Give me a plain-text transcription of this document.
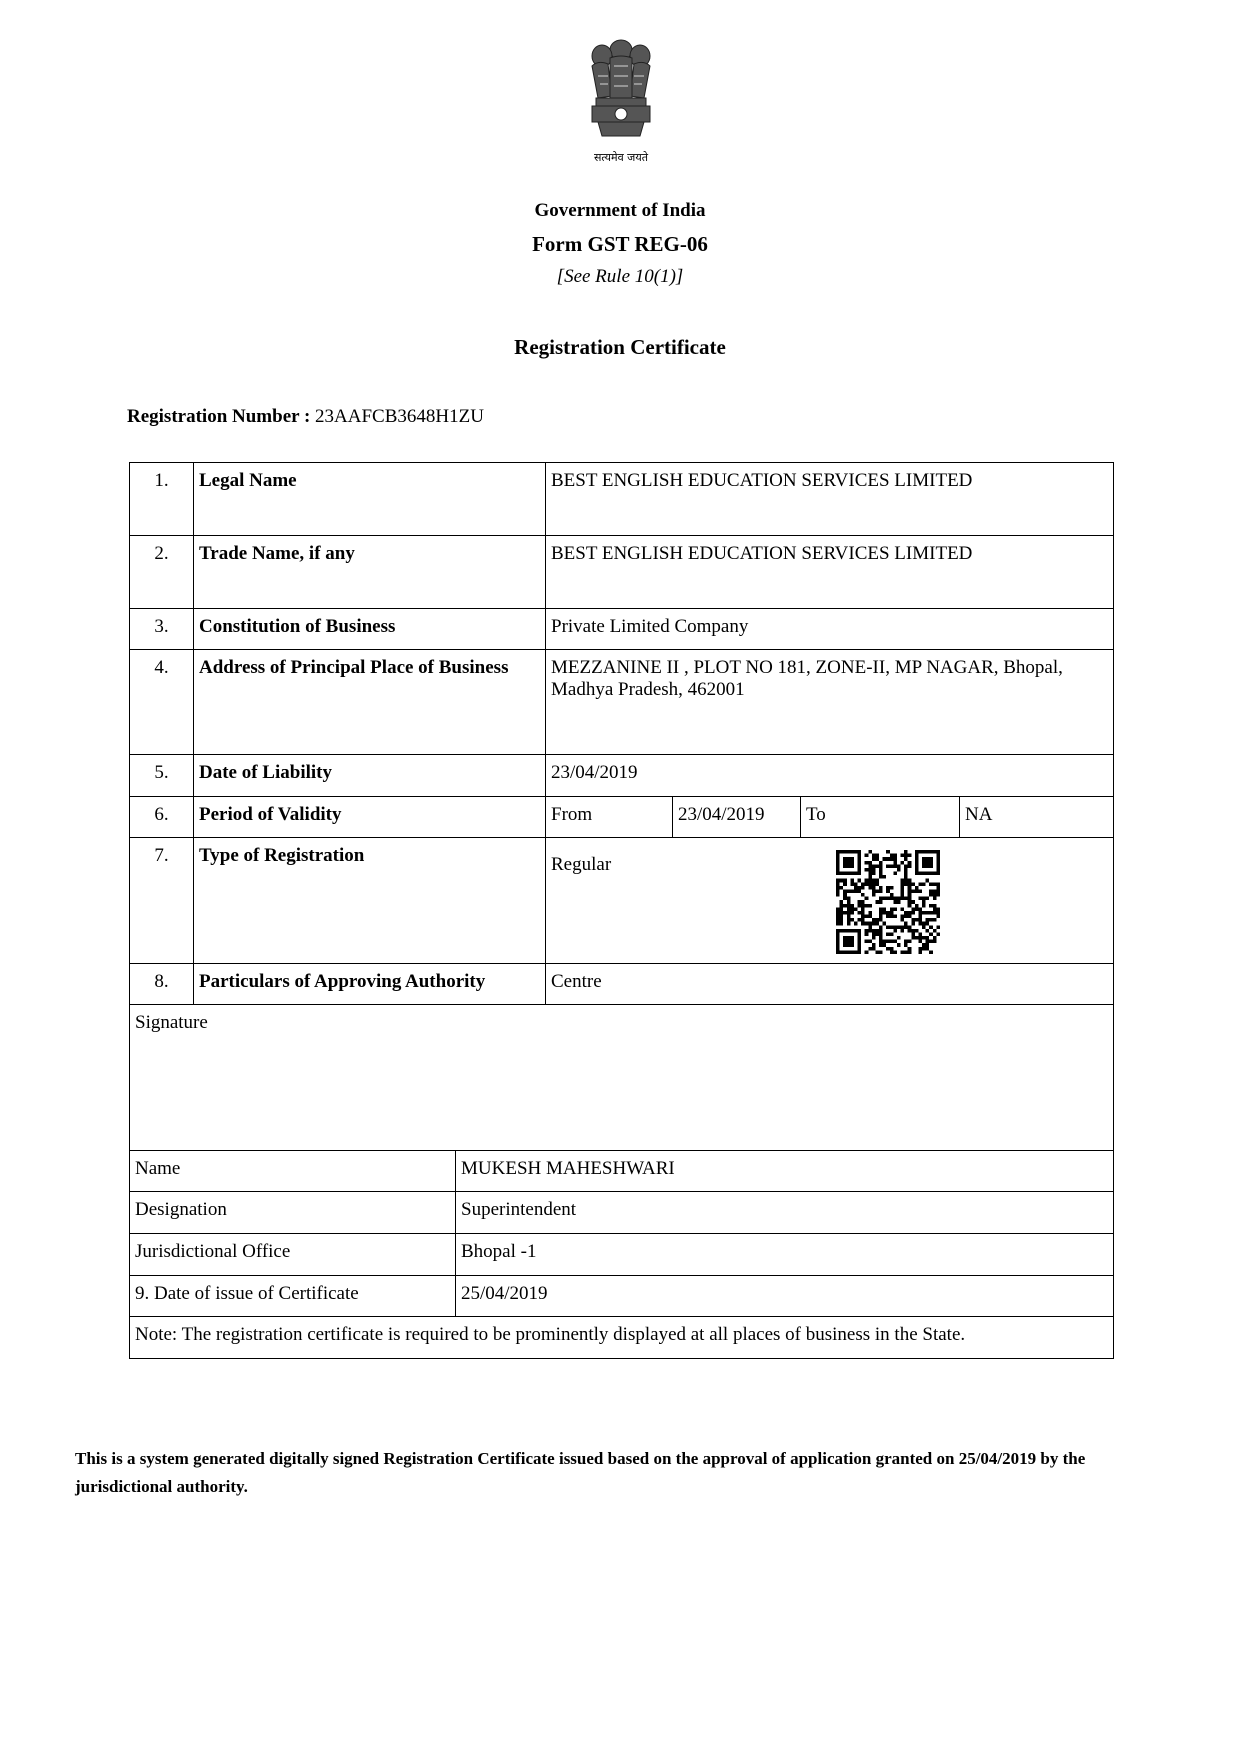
सत्यमेव जयते
Government of India
Form GST REG-06
[See Rule 10(1)]
Registration Certificate
Registration Number : 23AAFCB3648H1ZU
1.	Legal Name	BEST ENGLISH EDUCATION SERVICES LIMITED			
2.	Trade Name, if any	BEST ENGLISH EDUCATION SERVICES LIMITED			
3.	Constitution of Business	Private Limited Company			
4.	Address of Principal Place of Business	MEZZANINE II , PLOT NO 181, ZONE-II, MP NAGAR, Bhopal, Madhya Pradesh, 462001			
5.	Date of Liability	23/04/2019			
6.	Period of Validity	From	23/04/2019	To	NA
7.	Type of Registration	Regular			
8.	Particulars of Approving Authority	Centre			
Signature	
Name	MUKESH MAHESHWARI
Designation	Superintendent
Jurisdictional Office	Bhopal -1
9. Date of issue of Certificate	25/04/2019
Note: The registration certificate is required to be prominently displayed at all places of business in the State.	
This is a system generated digitally signed Registration Certificate issued based on the approval of application granted on 25/04/2019 by the jurisdictional authority.
